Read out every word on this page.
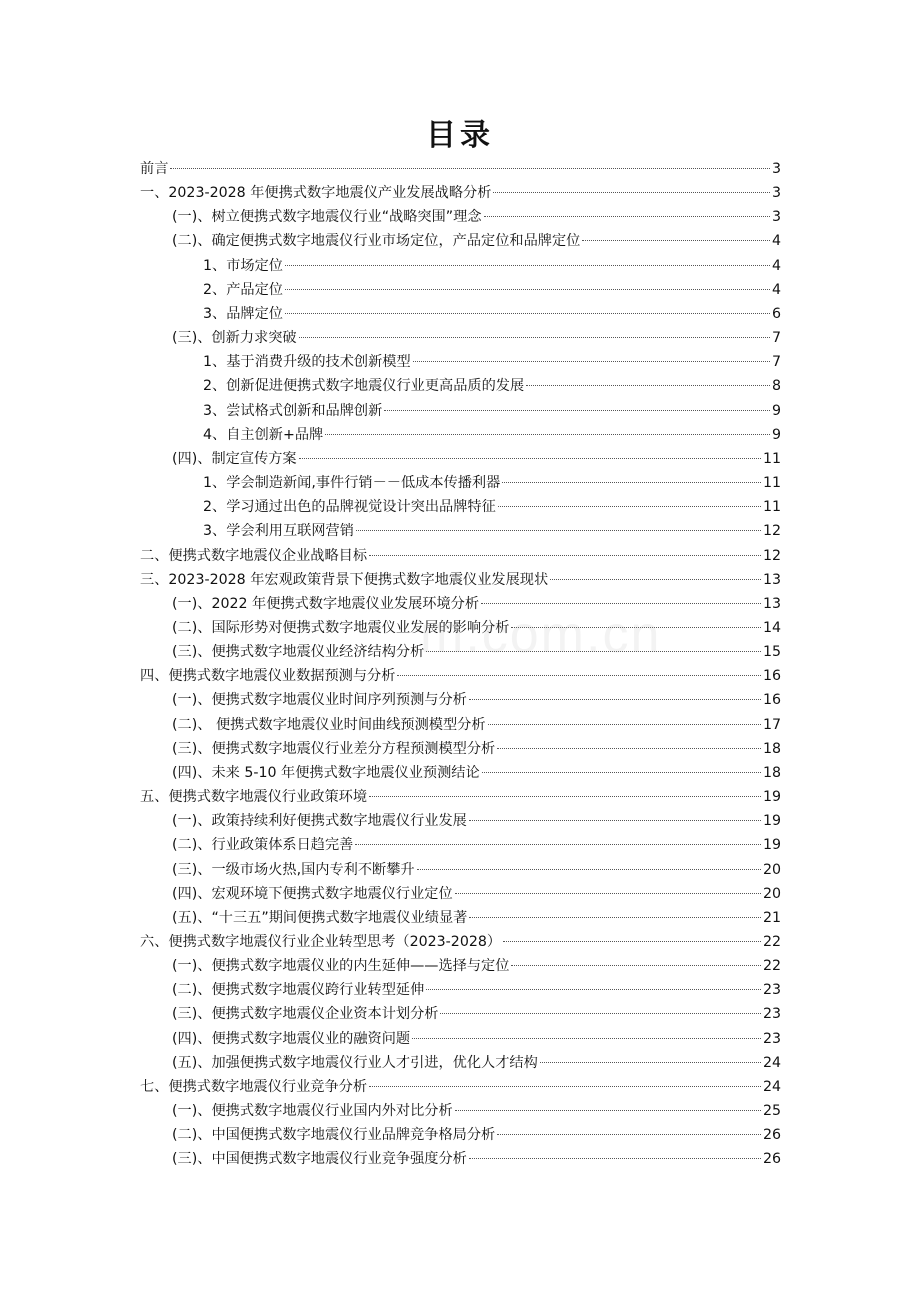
目录
前言	3
一、2023-2028 年便携式数字地震仪产业发展战略分析	3
(一)、树立便携式数字地震仪行业“战略突围”理念	3
(二)、确定便携式数字地震仪行业市场定位，产品定位和品牌定位	4
1、市场定位	4
2、产品定位	4
3、品牌定位	6
(三)、创新力求突破	7
1、基于消费升级的技术创新模型	7
2、创新促进便携式数字地震仪行业更高品质的发展	8
3、尝试格式创新和品牌创新	9
4、自主创新+品牌	9
(四)、制定宣传方案	11
1、学会制造新闻,事件行销－－低成本传播利器	11
2、学习通过出色的品牌视觉设计突出品牌特征	11
3、学会利用互联网营销	12
二、便携式数字地震仪企业战略目标	12
三、2023-2028 年宏观政策背景下便携式数字地震仪业发展现状	13
(一)、2022 年便携式数字地震仪业发展环境分析	13
(二)、国际形势对便携式数字地震仪业发展的影响分析	14
(三)、便携式数字地震仪业经济结构分析	15
四、便携式数字地震仪业数据预测与分析	16
(一)、便携式数字地震仪业时间序列预测与分析	16
(二)、 便携式数字地震仪业时间曲线预测模型分析	17
(三)、便携式数字地震仪行业差分方程预测模型分析	18
(四)、未来 5-10 年便携式数字地震仪业预测结论	18
五、便携式数字地震仪行业政策环境	19
(一)、政策持续利好便携式数字地震仪行业发展	19
(二)、行业政策体系日趋完善	19
(三)、一级市场火热,国内专利不断攀升	20
(四)、宏观环境下便携式数字地震仪行业定位	20
(五)、“十三五”期间便携式数字地震仪业绩显著	21
六、便携式数字地震仪行业企业转型思考（2023-2028）	22
(一)、便携式数字地震仪业的内生延伸——选择与定位	22
(二)、便携式数字地震仪跨行业转型延伸	23
(三)、便携式数字地震仪企业资本计划分析	23
(四)、便携式数字地震仪业的融资问题	23
(五)、加强便携式数字地震仪行业人才引进，优化人才结构	24
七、便携式数字地震仪行业竞争分析	24
(一)、便携式数字地震仪行业国内外对比分析	25
(二)、中国便携式数字地震仪行业品牌竞争格局分析	26
(三)、中国便携式数字地震仪行业竞争强度分析	26
m.com.cn
